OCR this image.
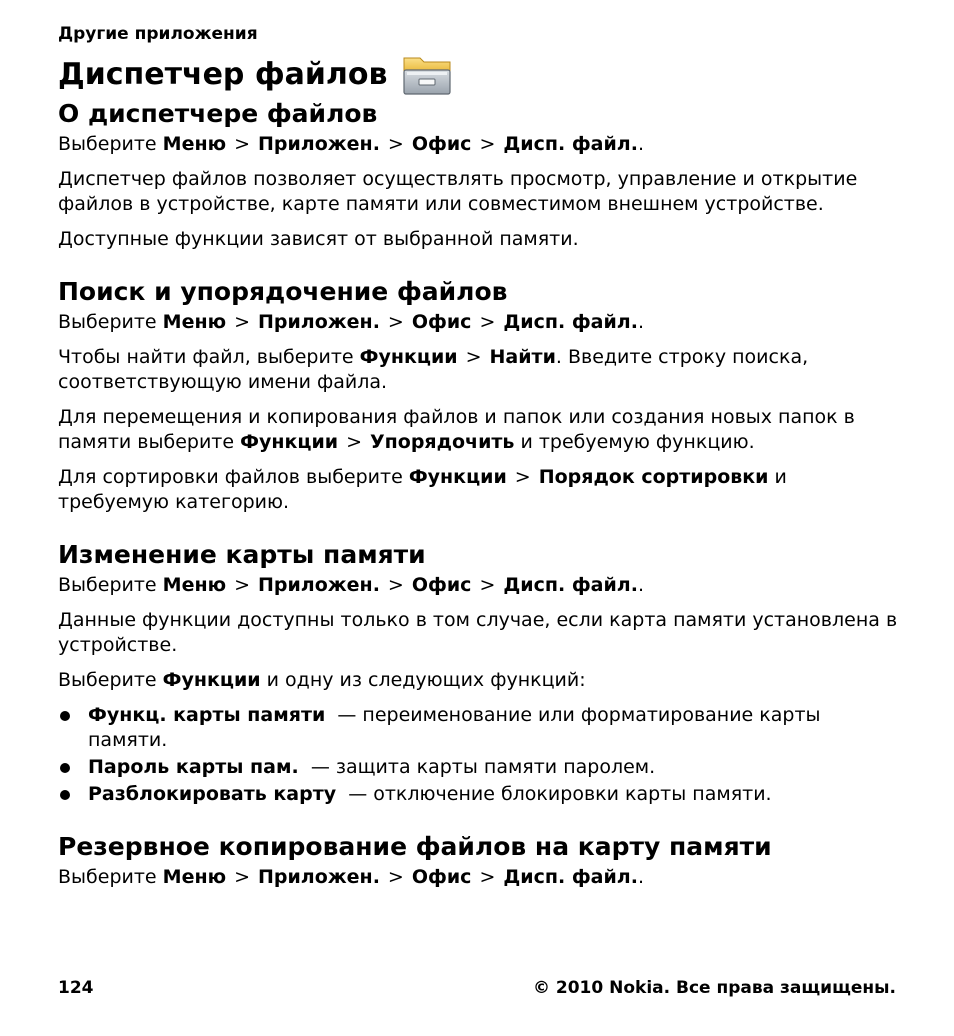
Другие приложения

Диспетчер файлов
О диспетчере файлов

Выберите Меню > Приложен. > Офис > Дисп. файл..

Диспетчер файлов позволяет осуществлять просмотр, управление и открытие файлов в устройстве, карте памяти или совместимом внешнем устройстве.

Доступные функции зависят от выбранной памяти.

Поиск и упорядочение файлов

Выберите Меню > Приложен. > Офис > Дисп. файл..

Чтобы найти файл, выберите Функции > Найти. Введите строку поиска, соответствующую имени файла.

Для перемещения и копирования файлов и папок или создания новых папок в памяти выберите Функции > Упорядочить и требуемую функцию.

Для сортировки файлов выберите Функции > Порядок сортировки и требуемую категорию.

Изменение карты памяти

Выберите Меню > Приложен. > Офис > Дисп. файл..

Данные функции доступны только в том случае, если карта памяти установлена в устройстве.

Выберите Функции и одну из следующих функций:

Функц. карты памяти — переименование или форматирование карты памяти.
Пароль карты пам. — защита карты памяти паролем.
Разблокировать карту — отключение блокировки карты памяти.
Резервное копирование файлов на карту памяти

Выберите Меню > Приложен. > Офис > Дисп. файл..

124	© 2010 Nokia. Все права защищены.
